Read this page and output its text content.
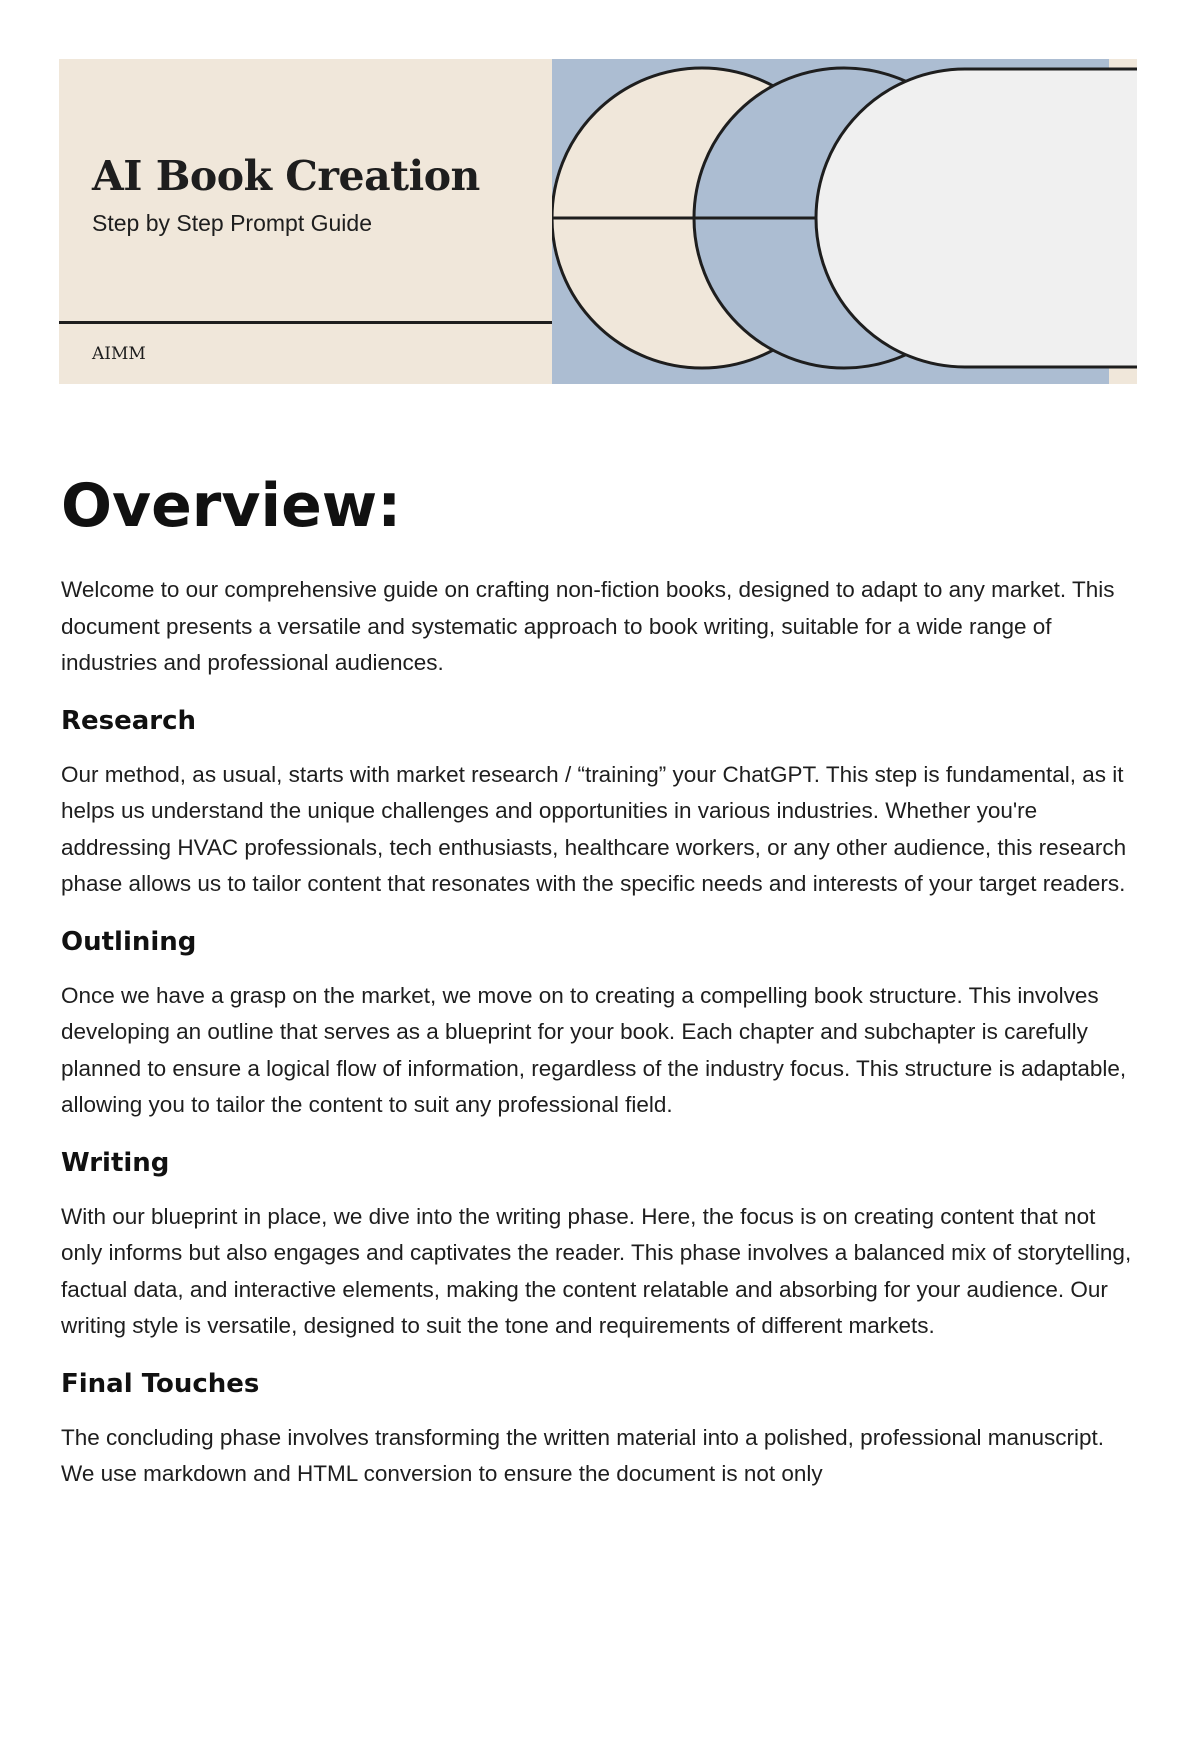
AI Book Creation
Step by Step Prompt Guide
AIMM
Overview:

Welcome to our comprehensive guide on crafting non-fiction books, designed to adapt to any market. This document presents a versatile and systematic approach to book writing, suitable for a wide range of industries and professional audiences.

Research

Our method, as usual, starts with market research / “training” your ChatGPT. This step is fundamental, as it helps us understand the unique challenges and opportunities in various industries. Whether you're addressing HVAC professionals, tech enthusiasts, healthcare workers, or any other audience, this research phase allows us to tailor content that resonates with the specific needs and interests of your target readers.

Outlining

Once we have a grasp on the market, we move on to creating a compelling book structure. This involves developing an outline that serves as a blueprint for your book. Each chapter and subchapter is carefully planned to ensure a logical flow of information, regardless of the industry focus. This structure is adaptable, allowing you to tailor the content to suit any professional field.

Writing

With our blueprint in place, we dive into the writing phase. Here, the focus is on creating content that not only informs but also engages and captivates the reader. This phase involves a balanced mix of storytelling, factual data, and interactive elements, making the content relatable and absorbing for your audience. Our writing style is versatile, designed to suit the tone and requirements of different markets.

Final Touches

The concluding phase involves transforming the written material into a polished, professional manuscript. We use markdown and HTML conversion to ensure the document is not only
